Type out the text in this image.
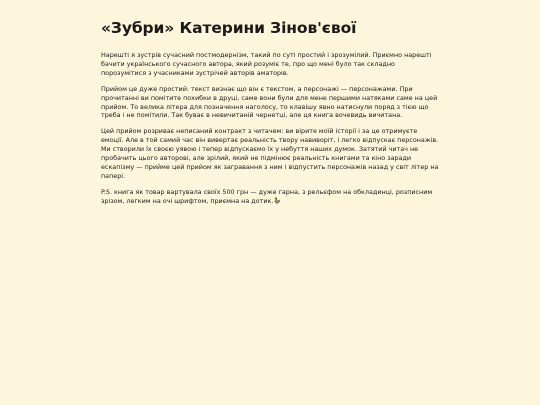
«Зубри» Катерини Зінов'євої

Нарешті я зустрів сучасний постмодернізм, такий по суті простий і зрозумілий. Приємно нарешті бачити українського сучасного автора, який розуміє те, про що мені було так складно порозумітися з учасниками зустрічей авторів аматорів.

Прийом це дуже простий: текст визнає що він є текстом, а персонажі — персонажами. При прочитанні ви помітите похибки в друці, саме вони були для мене першими натяками саме на цей прийом. То велика літера для позначення наголосу, то клавішу явно натиснули поряд з тією що треба і не помітили. Так буває в невичитаній чернетці, але ця книга вочевидь вичитана.

Цей прийом розриває неписаний контракт з читачем: ви вірите моїй історії і за це отримуєте емоції. Але в той самий час він вивертає реальність твору навиворіт, і легко відпускає персонажів. Ми створили їх своєю уявою і тепер відпускаємо їх у небуття наших думок. Затятий читач не пробачить цього авторові, але зрілий, який не підмінює реальність книгами та кіно заради ескапізму — прийме цей прийом як загравання з ним і відпустить персонажів назад у світ літер на папері.

P.S. книга як товар вартувала своїх 500 грн — дуже гарна, з рельєфом на обкладинці, розписним зрізом, легким на очі шрифтом, приємна на дотик.🦆
